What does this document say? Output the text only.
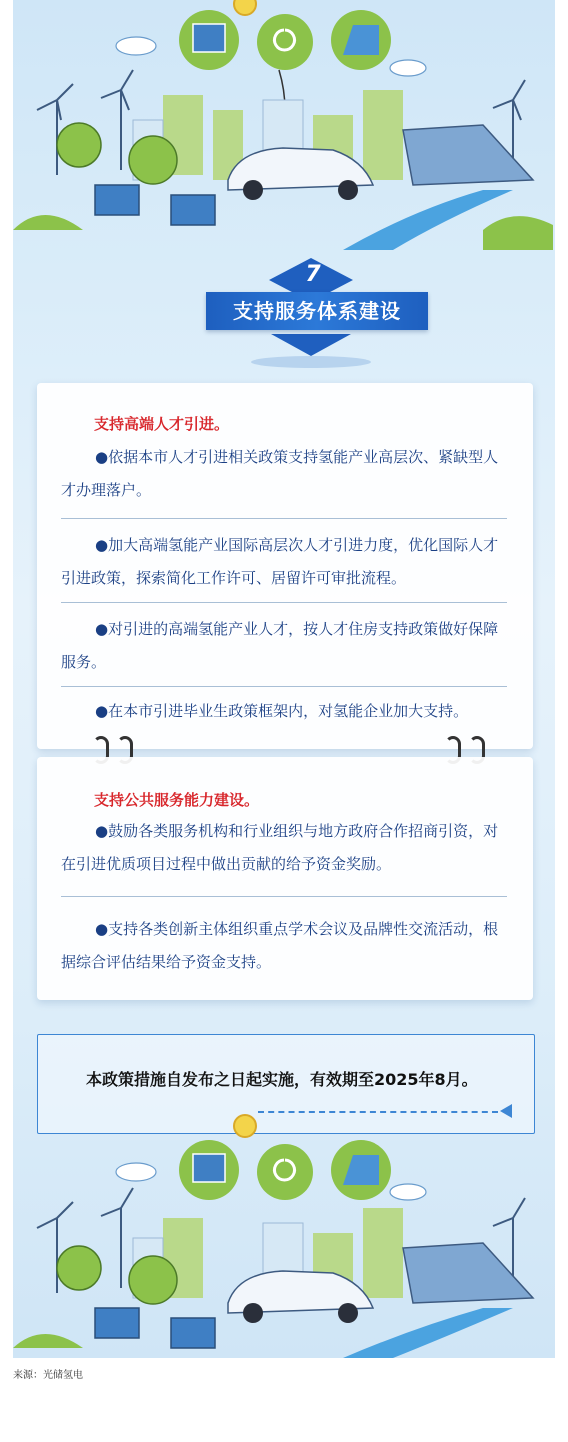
7
支持服务体系建设
支持高端人才引进。
●依据本市人才引进相关政策支持氢能产业高层次、紧缺型人才办理落户。
●加大高端氢能产业国际高层次人才引进力度，优化国际人才引进政策，探索简化工作许可、居留许可审批流程。
●对引进的高端氢能产业人才，按人才住房支持政策做好保障服务。
●在本市引进毕业生政策框架内，对氢能企业加大支持。
支持公共服务能力建设。
●鼓励各类服务机构和行业组织与地方政府合作招商引资，对在引进优质项目过程中做出贡献的给予资金奖励。
●支持各类创新主体组织重点学术会议及品牌性交流活动，根据综合评估结果给予资金支持。
本政策措施自发布之日起实施，有效期至2025年8月。
来源：光储氢电
